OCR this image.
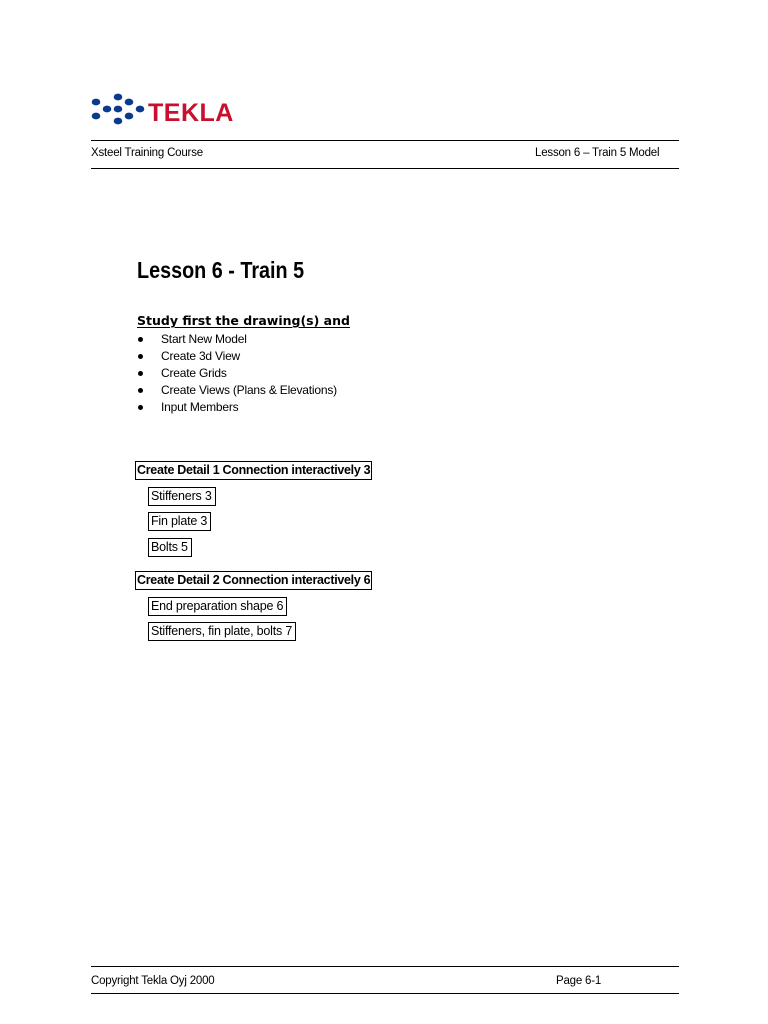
TEKLA
Xsteel Training Course	Lesson 6 – Train 5 Model
Lesson 6 - Train 5
Study first the drawing(s) and
Start New Model
Create 3d View
Create Grids
Create Views (Plans & Elevations)
Input Members
Create Detail 1 Connection interactively 3
Stiffeners 3
Fin plate 3
Bolts 5
Create Detail 2 Connection interactively 6
End preparation shape 6
Stiffeners, fin plate, bolts 7
Copyright Tekla Oyj 2000	Page 6-1
